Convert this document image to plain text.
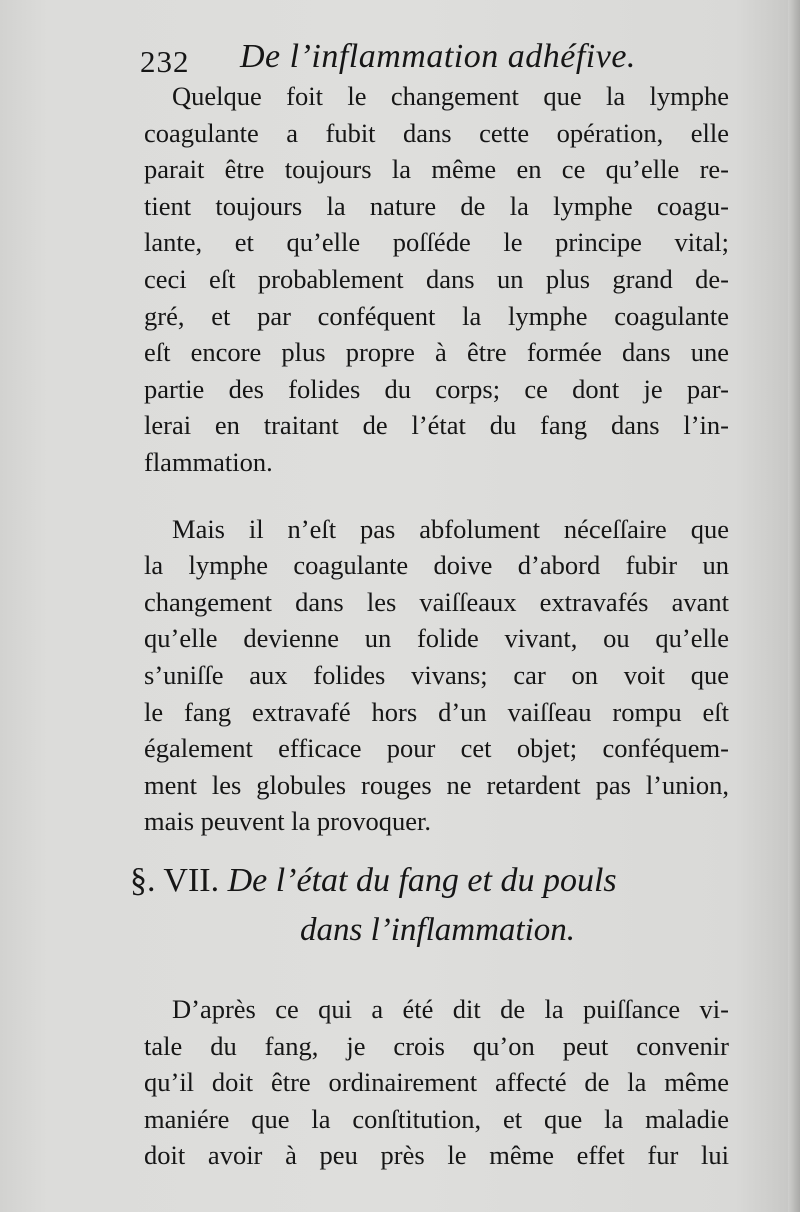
232 De l’inflammation adhéfive.
Quelque foit le changement que la lymphe
coagulante a fubit dans cette opération, elle
parait être toujours la même en ce qu’elle re-
tient toujours la nature de la lymphe coagu-
lante, et qu’elle poſſéde le principe vital;
ceci eſt probablement dans un plus grand de-
gré, et par conféquent la lymphe coagulante
eſt encore plus propre à être formée dans une
partie des folides du corps; ce dont je par-
lerai en traitant de l’état du fang dans l’in-
flammation.
Mais il n’eſt pas abfolument néceſſaire que
la lymphe coagulante doive d’abord fubir un
changement dans les vaiſſeaux extravafés avant
qu’elle devienne un folide vivant, ou qu’elle
s’uniſſe aux folides vivans; car on voit que
le fang extravafé hors d’un vaiſſeau rompu eſt
également efficace pour cet objet; conféquem-
ment les globules rouges ne retardent pas l’union,
mais peuvent la provoquer.
§. VII. De l’état du fang et du pouls
dans l’inflammation.
D’après ce qui a été dit de la puiſſance vi-
tale du fang, je crois qu’on peut convenir
qu’il doit être ordinairement affecté de la même
maniére que la conſtitution, et que la maladie
doit avoir à peu près le même effet fur lui
